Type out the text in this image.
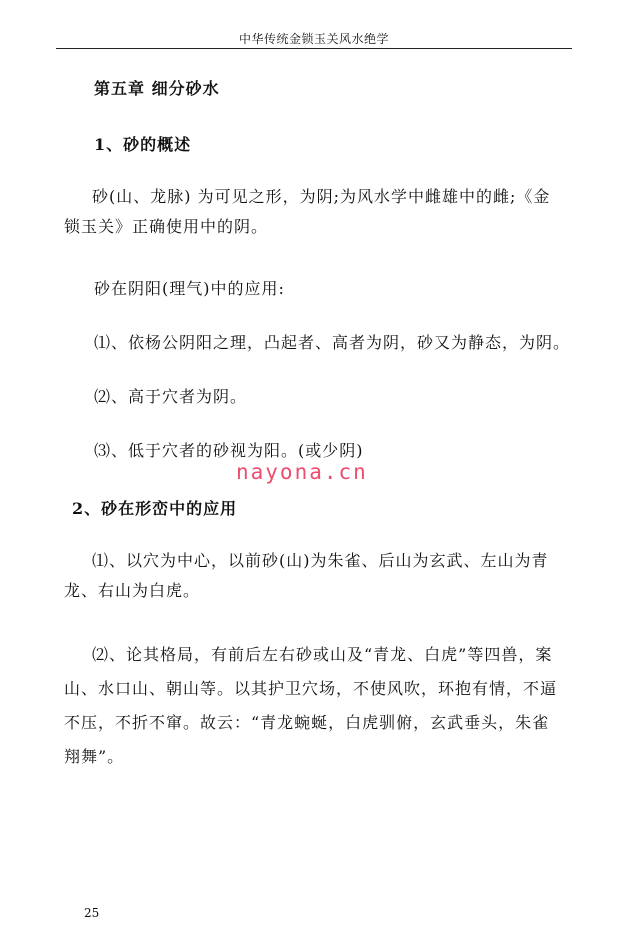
中华传统金锁玉关风水绝学
第五章 细分砂水
1、砂的概述
砂(山、龙脉) 为可见之形，为阴;为风水学中雌雄中的雌;《金锁玉关》正确使用中的阴。
砂在阴阳(理气)中的应用:
⑴、依杨公阴阳之理，凸起者、高者为阴，砂又为静态，为阴。
⑵、高于穴者为阴。
⑶、低于穴者的砂视为阳。(或少阴)
nayona.cn
2、砂在形峦中的应用
⑴、以穴为中心，以前砂(山)为朱雀、后山为玄武、左山为青龙、右山为白虎。
⑵、论其格局，有前后左右砂或山及“青龙、白虎”等四兽，案山、水口山、朝山等。以其护卫穴场，不使风吹，环抱有情，不逼不压，不折不窜。故云：“青龙蜿蜒，白虎驯俯，玄武垂头，朱雀翔舞”。
25
